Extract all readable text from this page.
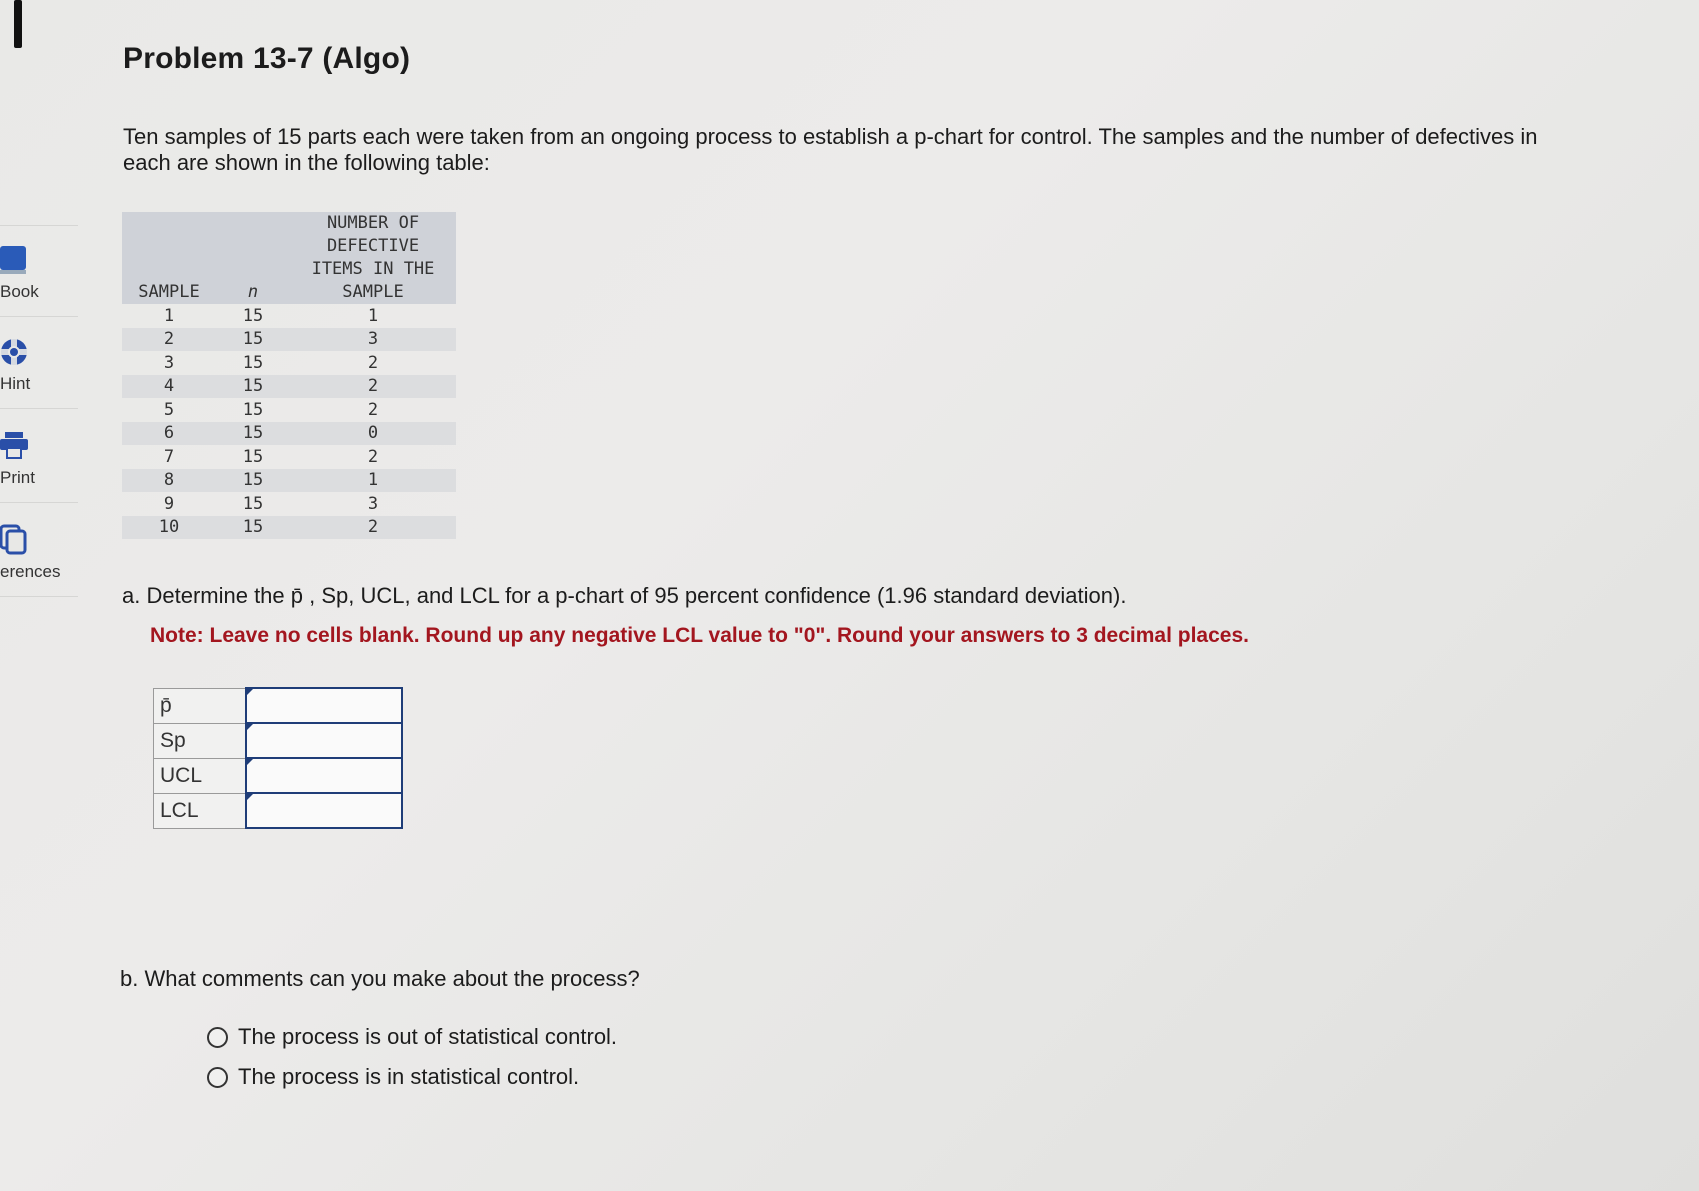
Book
Hint
Print
erences
Problem 13-7 (Algo)
Ten samples of 15 parts each were taken from an ongoing process to establish a p-chart for control. The samples and the number of defectives in each are shown in the following table:
SAMPLE	n	NUMBER OF
DEFECTIVE
ITEMS IN THE
SAMPLE
1	15	1
2	15	3
3	15	2
4	15	2
5	15	2
6	15	0
7	15	2
8	15	1
9	15	3
10	15	2
a. Determine the p̄ , Sp, UCL, and LCL for a p-chart of 95 percent confidence (1.96 standard deviation).
Note: Leave no cells blank. Round up any negative LCL value to "0". Round your answers to 3 decimal places.
p̄	

Sp	

UCL	

LCL	
b. What comments can you make about the process?
The process is out of statistical control.
The process is in statistical control.
